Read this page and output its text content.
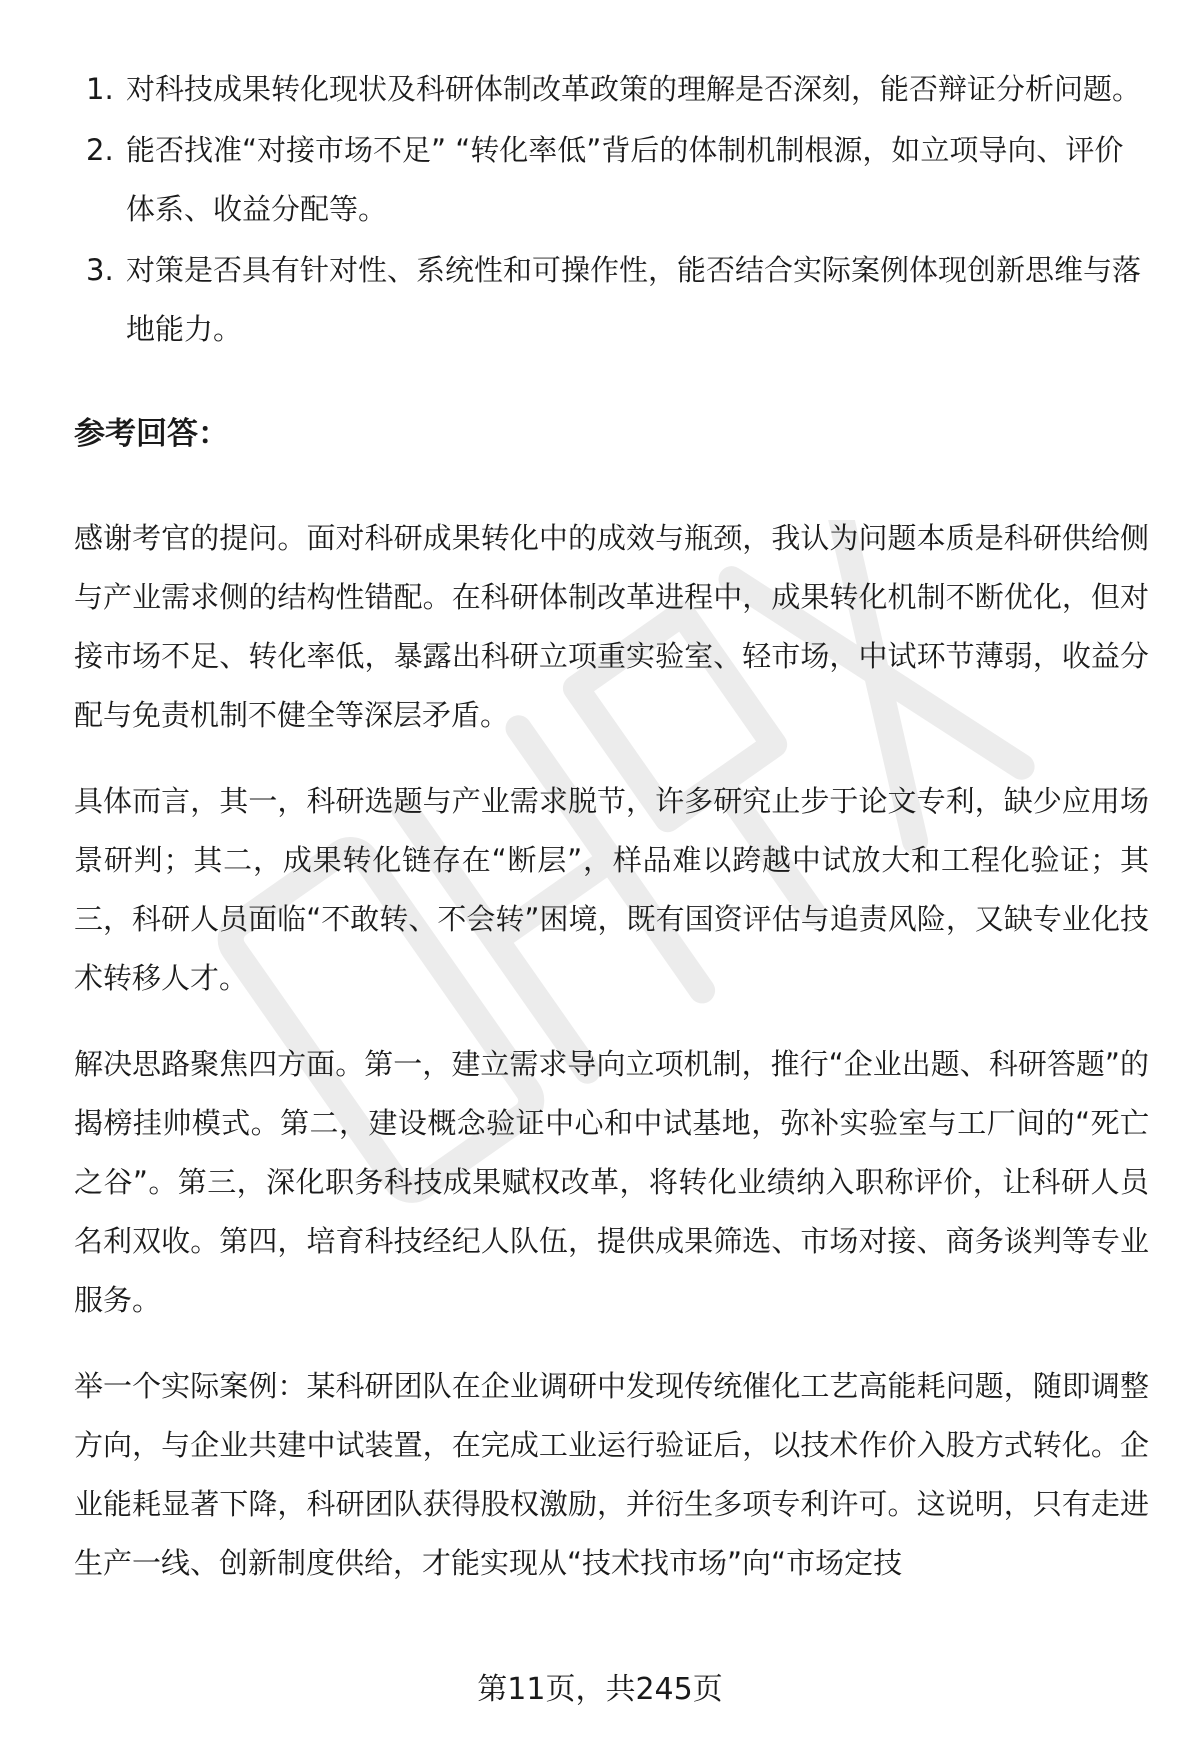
1. 对科技成果转化现状及科研体制改革政策的理解是否深刻，能否辩证分析问题。
2. 能否找准“对接市场不足” “转化率低”背后的体制机制根源，如立项导向、评价体系、收益分配等。
3. 对策是否具有针对性、系统性和可操作性，能否结合实际案例体现创新思维与落地能力。
参考回答：

感谢考官的提问。面对科研成果转化中的成效与瓶颈，我认为问题本质是科研供给侧与产业需求侧的结构性错配。在科研体制改革进程中，成果转化机制不断优化，但对接市场不足、转化率低，暴露出科研立项重实验室、轻市场，中试环节薄弱，收益分配与免责机制不健全等深层矛盾。

具体而言，其一，科研选题与产业需求脱节，许多研究止步于论文专利，缺少应用场景研判；其二，成果转化链存在“断层”，样品难以跨越中试放大和工程化验证；其三，科研人员面临“不敢转、不会转”困境，既有国资评估与追责风险，又缺专业化技术转移人才。

解决思路聚焦四方面。第一，建立需求导向立项机制，推行“企业出题、科研答题”的揭榜挂帅模式。第二，建设概念验证中心和中试基地，弥补实验室与工厂间的“死亡之谷”。第三，深化职务科技成果赋权改革，将转化业绩纳入职称评价，让科研人员名利双收。第四，培育科技经纪人队伍，提供成果筛选、市场对接、商务谈判等专业服务。

举一个实际案例：某科研团队在企业调研中发现传统催化工艺高能耗问题，随即调整方向，与企业共建中试装置，在完成工业运行验证后，以技术作价入股方式转化。企业能耗显著下降，科研团队获得股权激励，并衍生多项专利许可。这说明，只有走进生产一线、创新制度供给，才能实现从“技术找市场”向“市场定技

第11页，共245页
